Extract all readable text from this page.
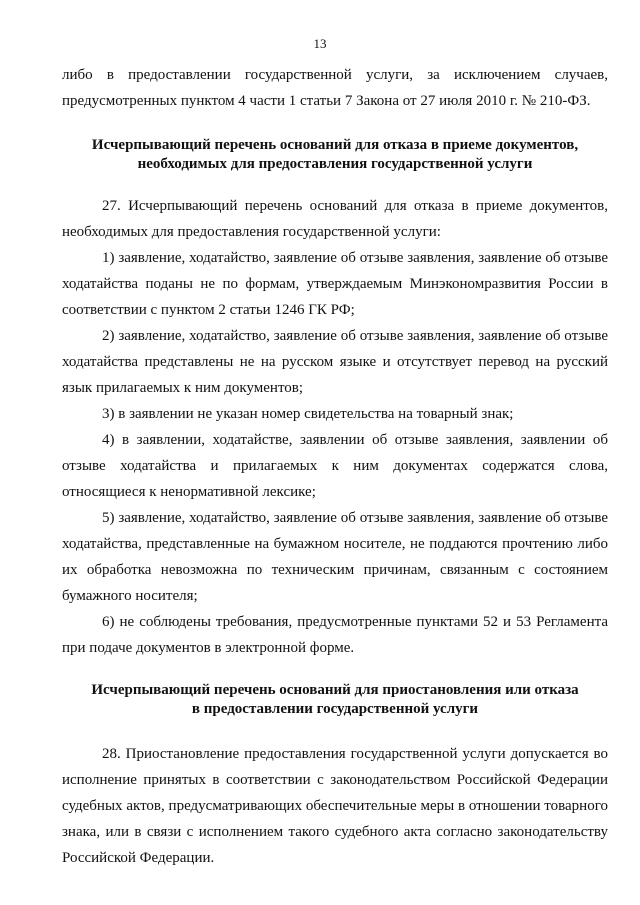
13

либо в предоставлении государственной услуги, за исключением случаев, предусмотренных пунктом 4 части 1 статьи 7 Закона от 27 июля 2010 г. № 210-ФЗ.

Исчерпывающий перечень оснований для отказа в приеме документов,
необходимых для предоставления государственной услуги

27. Исчерпывающий перечень оснований для отказа в приеме документов, необходимых для предоставления государственной услуги:

1) заявление, ходатайство, заявление об отзыве заявления, заявление об отзыве ходатайства поданы не по формам, утверждаемым Минэкономразвития России в соответствии с пунктом 2 статьи 1246 ГК РФ;

2) заявление, ходатайство, заявление об отзыве заявления, заявление об отзыве ходатайства представлены не на русском языке и отсутствует перевод на русский язык прилагаемых к ним документов;

3) в заявлении не указан номер свидетельства на товарный знак;

4) в заявлении, ходатайстве, заявлении об отзыве заявления, заявлении об отзыве ходатайства и прилагаемых к ним документах содержатся слова, относящиеся к ненормативной лексике;

5) заявление, ходатайство, заявление об отзыве заявления, заявление об отзыве ходатайства, представленные на бумажном носителе, не поддаются прочтению либо их обработка невозможна по техническим причинам, связанным с состоянием бумажного носителя;

6) не соблюдены требования, предусмотренные пунктами 52 и 53 Регламента при подаче документов в электронной форме.

Исчерпывающий перечень оснований для приостановления или отказа
в предоставлении государственной услуги

28. Приостановление предоставления государственной услуги допускается во исполнение принятых в соответствии с законодательством Российской Федерации судебных актов, предусматривающих обеспечительные меры в отношении товарного знака, или в связи с исполнением такого судебного акта согласно законодательству Российской Федерации.
